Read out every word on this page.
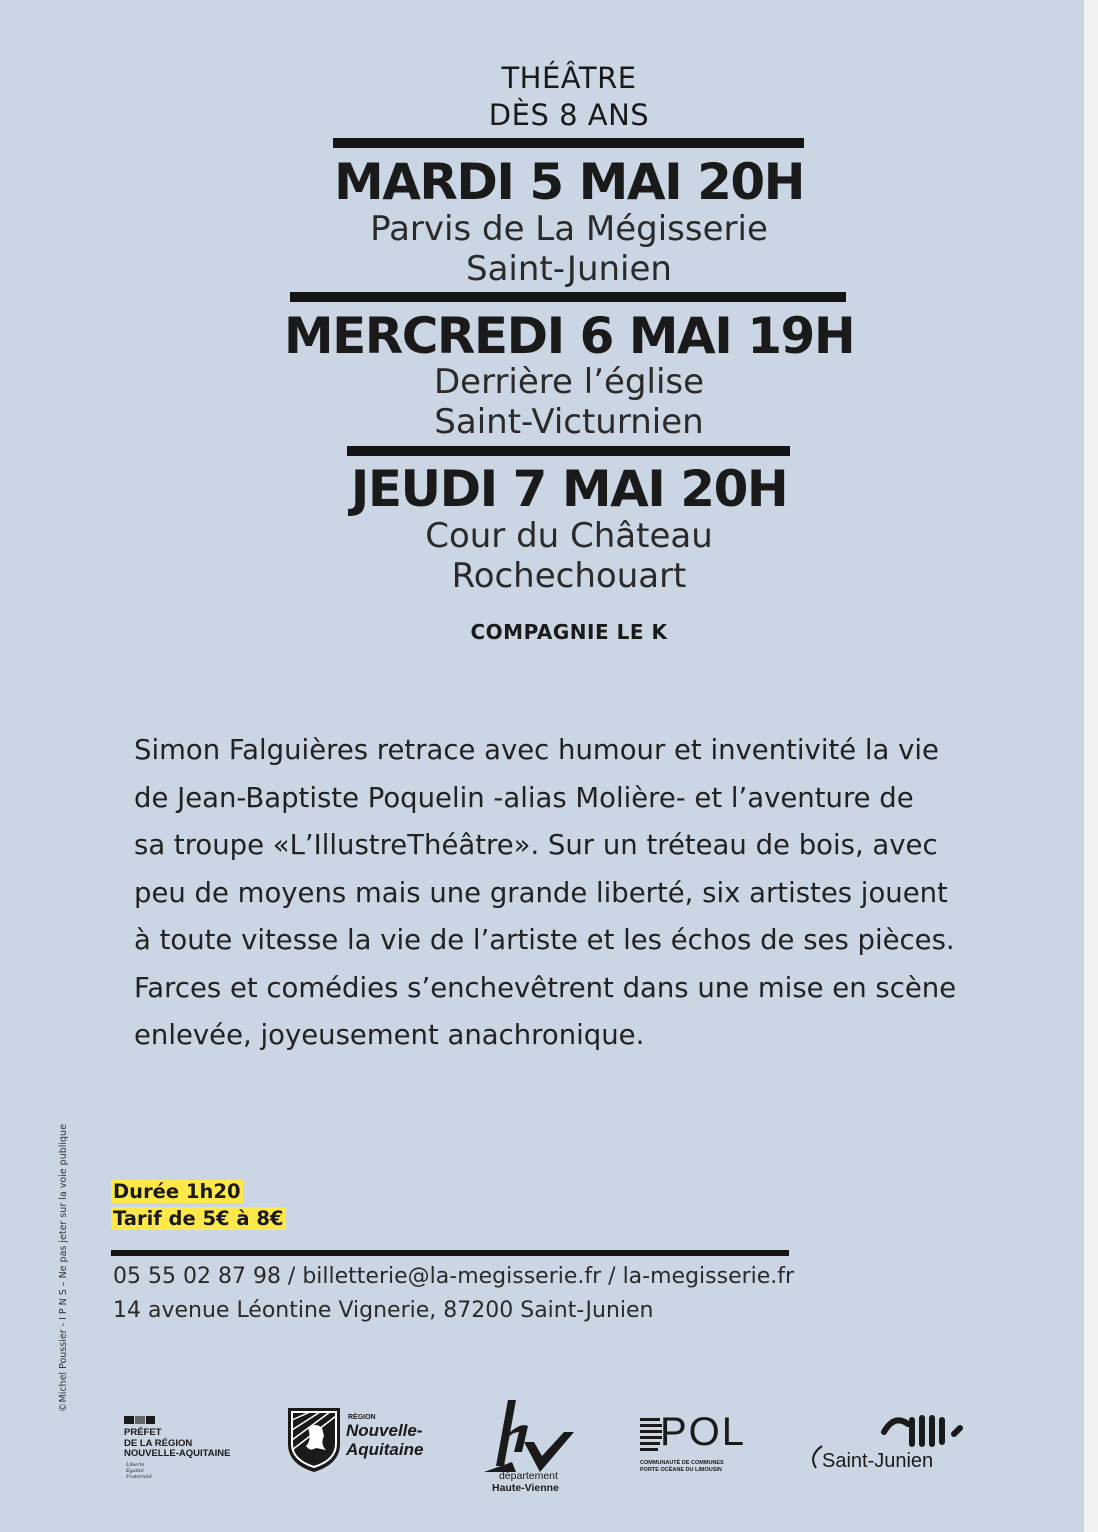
THÉÂTRE
DÈS 8 ANS
MARDI 5 MAI 20H
Parvis de La Mégisserie
Saint-Junien
MERCREDI 6 MAI 19H
Derrière l’église
Saint-Victurnien
JEUDI 7 MAI 20H
Cour du Château
Rochechouart
COMPAGNIE LE K

Simon Falguières retrace avec humour et inventivité la vie

de Jean-Baptiste Poquelin -alias Molière- et l’aventure de

sa troupe «L’IllustreThéâtre». Sur un tréteau de bois, avec

peu de moyens mais une grande liberté, six artistes jouent

à toute vitesse la vie de l’artiste et les échos de ses pièces.

Farces et comédies s’enchevêtrent dans une mise en scène

enlevée, joyeusement anachronique.

©Michel Poussier - I P N S – Ne pas jeter sur la voie publique Durée 1h20
Tarif de 5€ à 8€
05 55 02 87 98 / billetterie@la-megisserie.fr / la-megisserie.fr
14 avenue Léontine Vignerie, 87200 Saint-Junien
PRÉFET
DE LA RÉGION
NOUVELLE-AQUITAINE
Liberté
Égalité
Fraternité
RÉGION
Nouvelle-
Aquitaine
département
Haute-Vienne
POL
COMMUNAUTÉ DE COMMUNES
PORTE OCÉANE DU LIMOUSIN	Saint-Junien
